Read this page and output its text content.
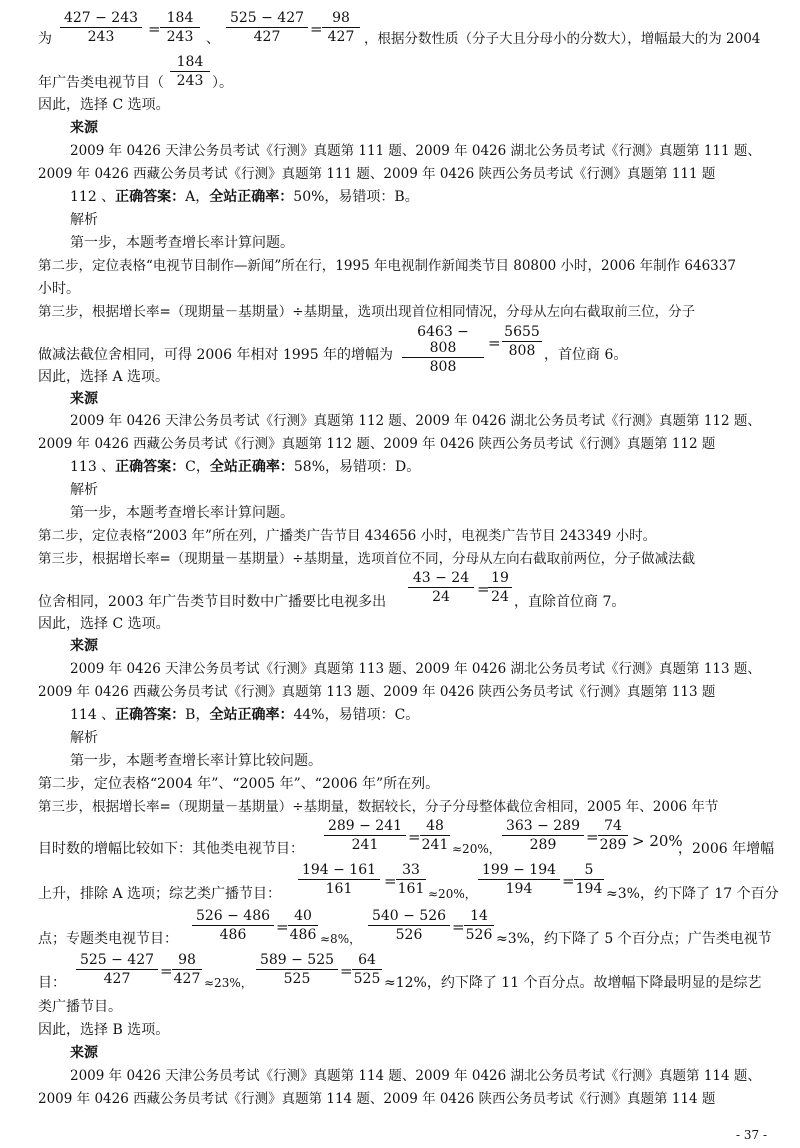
为
427 − 243
243	=
184
243 、
525 − 427
427	=
98
427 ，根据分数性质（分子大且分母小的分数大），增幅最大的为 2004
年广告类电视节目（
184
243 ）。
因此，选择 C 选项。
来源
2009 年 0426 天津公务员考试《行测》真题第 111 题、2009 年 0426 湖北公务员考试《行测》真题第 111 题、
2009 年 0426 西藏公务员考试《行测》真题第 111 题、2009 年 0426 陕西公务员考试《行测》真题第 111 题
112 、正确答案：A，全站正确率：50%，易错项：B。
解析
第一步，本题考查增长率计算问题。
第二步，定位表格“电视节目制作—新闻”所在行，1995 年电视制作新闻类节目 80800 小时，2006 年制作 646337
小时。
第三步，根据增长率=（现期量－基期量）÷基期量，选项出现首位相同情况，分母从左向右截取前三位，分子
做减法截位舍相同，可得 2006 年相对 1995 年的增幅为
6463 − 808
808
=
5655
808 ，首位商 6。
因此，选择 A 选项。
来源
2009 年 0426 天津公务员考试《行测》真题第 112 题、2009 年 0426 湖北公务员考试《行测》真题第 112 题、
2009 年 0426 西藏公务员考试《行测》真题第 112 题、2009 年 0426 陕西公务员考试《行测》真题第 112 题
113 、正确答案：C，全站正确率：58%，易错项：D。
解析
第一步，本题考查增长率计算问题。
第二步，定位表格“2003 年”所在列，广播类广告节目 434656 小时，电视类广告节目 243349 小时。
第三步，根据增长率=（现期量－基期量）÷基期量，选项首位不同，分母从左向右截取前两位，分子做减法截
位舍相同，2003 年广告类节目时数中广播要比电视多出
43 − 24
24	=
19
24 ，直除首位商 7。
因此，选择 C 选项。
来源
2009 年 0426 天津公务员考试《行测》真题第 113 题、2009 年 0426 湖北公务员考试《行测》真题第 113 题、
2009 年 0426 西藏公务员考试《行测》真题第 113 题、2009 年 0426 陕西公务员考试《行测》真题第 113 题
114 、正确答案：B，全站正确率：44%，易错项：C。
解析
第一步，本题考查增长率计算比较问题。
第二步，定位表格“2004 年”、“2005 年”、“2006 年”所在列。
第三步，根据增长率=（现期量－基期量）÷基期量，数据较长，分子分母整体截位舍相同，2005 年、2006 年节
目时数的增幅比较如下：其他类电视节目：
289 − 241
241	=
48
241 ≈20%，
363 − 289
289	=
74
289 > 20%
，2006 年增幅
上升，排除 A 选项；综艺类广播节目：
194 − 161
161	=
33
161 ≈20%，
199 − 194
194	=
5
194 ≈3%，约下降了 17 个百分
点；专题类电视节目：
526 − 486
486	=
40
486 ≈8%，
540 − 526
526	=
14
526 ≈3%，约下降了 5 个百分点；广告类电视节
目：
525 − 427
427	=
98
427 ≈23%，
589 − 525
525	=
64
525 ≈12%，约下降了 11 个百分点。故增幅下降最明显的是综艺
类广播节目。
因此，选择 B 选项。
来源
2009 年 0426 天津公务员考试《行测》真题第 114 题、2009 年 0426 湖北公务员考试《行测》真题第 114 题、
2009 年 0426 西藏公务员考试《行测》真题第 114 题、2009 年 0426 陕西公务员考试《行测》真题第 114 题
- 37 -
